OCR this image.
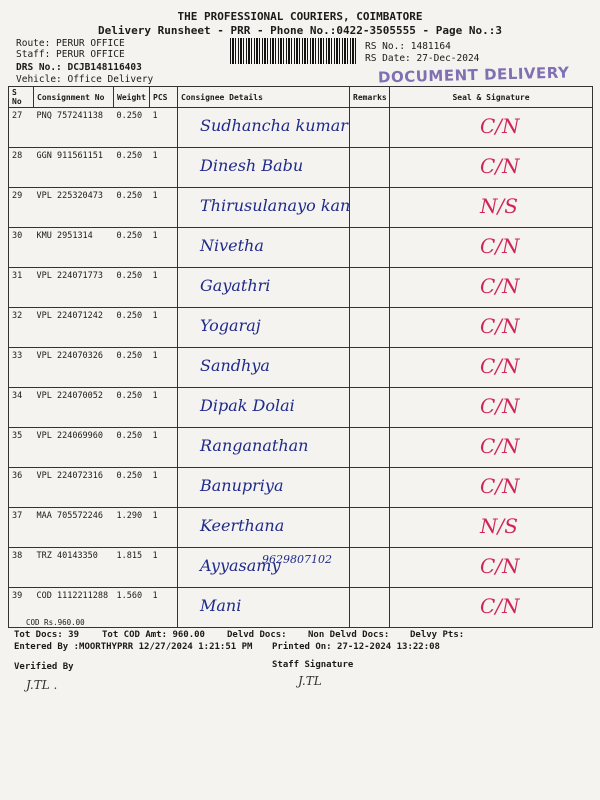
THE PROFESSIONAL COURIERS, COIMBATORE
Delivery Runsheet - PRR - Phone No.:0422-3505555 - Page No.:3
Route: PERUR OFFICE
Staff: PERUR OFFICE
DRS No.: DCJB148116403
Vehicle: Office Delivery
RS No.: 1481164
RS Date: 27-Dec-2024
DOCUMENT DELIVERY
S No	Consignment No	Weight	PCS	Consignee Details	Remarks	Seal & Signature
27	PNQ 757241138	0.250	1	Sudhancha kumar		C/N

28	GGN 911561151	0.250	1	Dinesh Babu		C/N

29	VPL 225320473	0.250	1	Thirusulanayo kan		N/S

30	KMU 2951314	0.250	1	Nivetha		C/N

31	VPL 224071773	0.250	1	Gayathri		C/N

32	VPL 224071242	0.250	1	Yogaraj		C/N

33	VPL 224070326	0.250	1	Sandhya		C/N

34	VPL 224070052	0.250	1	Dipak Dolai		C/N

35	VPL 224069960	0.250	1	Ranganathan		C/N

36	VPL 224072316	0.250	1	Banupriya		C/N

37	MAA 705572246	1.290	1	Keerthana		N/S

38	TRZ 40143350	1.815	1	Ayyasamy		C/N

39	COD 1112211288	1.560	1	Mani		C/N
9629807102
COD Rs.960.00
Tot Docs: 39	Tot COD Amt: 960.00 Delvd Docs: Non Delvd Docs: Delvy Pts:
Entered By :MOORTHYPRR 12/27/2024 1:21:51 PM Printed On: 27-12-2024 13:22:08
Verified By	Staff Signature
J.TL .	J.TL
